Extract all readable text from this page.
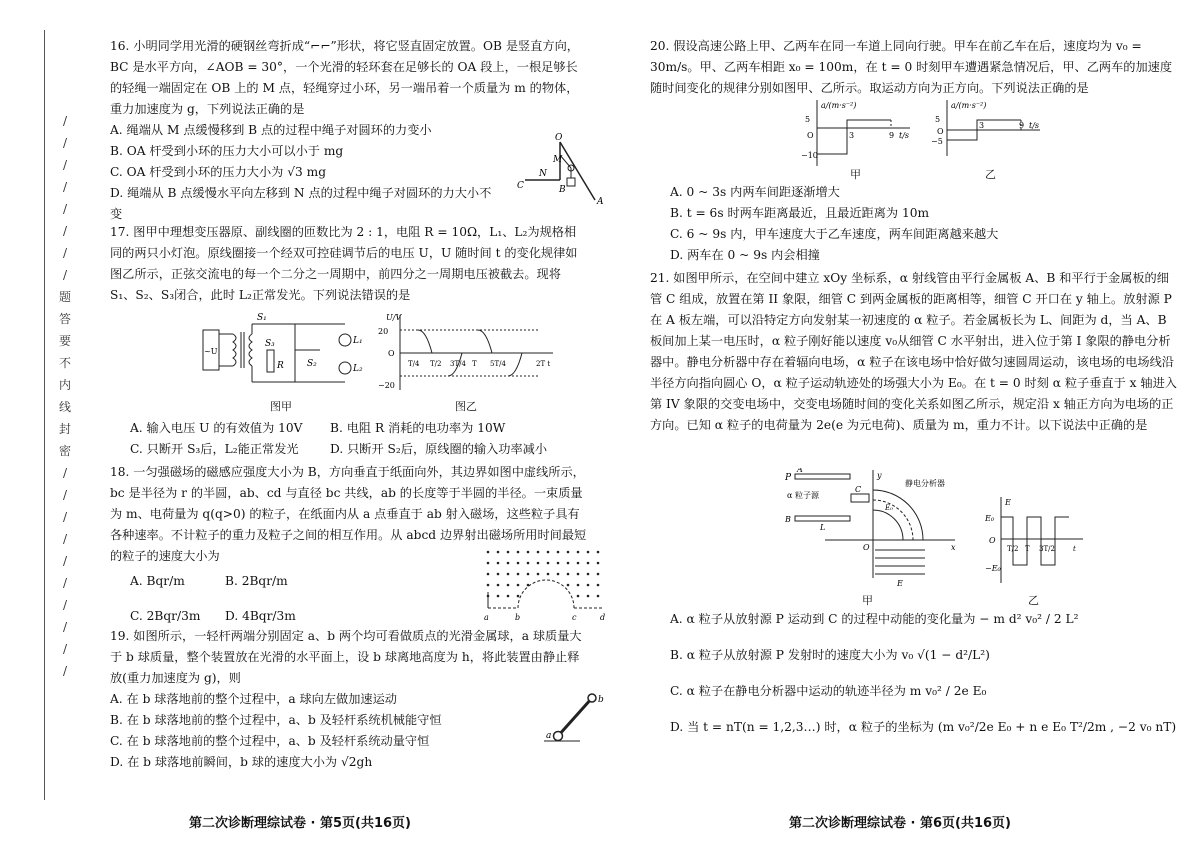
/
/
/
/
/
/
/
/
题
答
要
不
内
线
封
密
/
/
/
/
/
/
/
/
/
/

16. 小明同学用光滑的硬钢丝弯折成“⌐⌐”形状，将它竖直固定放置。OB 是竖直方向，BC 是水平方向，∠AOB = 30°，一个光滑的轻环套在足够长的 OA 段上，一根足够长的轻绳一端固定在 OB 上的 M 点，轻绳穿过小环，另一端吊着一个质量为 m 的物体，重力加速度为 g，下列说法正确的是

A. 绳端从 M 点缓慢移到 B 点的过程中绳子对圆环的力变小
B. OA 杆受到小环的压力大小可以小于 mg
C. OA 杆受到小环的压力大小为 √3 mg
D. 绳端从 B 点缓慢水平向左移到 N 点的过程中绳子对圆环的力大小不变
O
C
N
M
B
A

17. 图甲中理想变压器原、副线圈的匝数比为 2 : 1，电阻 R = 10Ω，L₁、L₂为规格相同的两只小灯泡。原线圈接一个经双可控硅调节后的电压 U，U 随时间 t 的变化规律如图乙所示，正弦交流电的每一个二分之一周期中，前四分之一周期电压被截去。现将 S₁、S₂、S₃闭合，此时 L₂正常发光。下列说法错误的是

~U
S₃
R
S₁
S₂
L₁
L₂
U/V
20
O
−20
T/4 T/2 3T/4 T 5T/4	2T t
图甲	图乙
A. 输入电压 U 的有效值为 10V B. 电阻 R 消耗的电功率为 10W
C. 只断开 S₃后，L₂能正常发光	D. 只断开 S₂后，原线圈的输入功率减小

18. 一匀强磁场的磁感应强度大小为 B，方向垂直于纸面向外，其边界如图中虚线所示，bc 是半径为 r 的半圆，ab、cd 与直径 bc 共线，ab 的长度等于半圆的半径。一束质量为 m、电荷量为 q(q>0) 的粒子，在纸面内从 a 点垂直于 ab 射入磁场，这些粒子具有各种速率。不计粒子的重力及粒子之间的相互作用。从 abcd 边界射出磁场所用时间最短的粒子的速度大小为

A. Bqr/m	B. 2Bqr/m
C. 2Bqr/3m D. 4Bqr/3m	a	b	c	d

19. 如图所示，一轻杆两端分别固定 a、b 两个均可看做质点的光滑金属球，a 球质量大于 b 球质量，整个装置放在光滑的水平面上，设 b 球离地高度为 h，将此装置由静止释放(重力加速度为 g)，则

A. 在 b 球落地前的整个过程中，a 球向左做加速运动
B. 在 b 球落地前的整个过程中，a、b 及轻杆系统机械能守恒
C. 在 b 球落地前的整个过程中，a、b 及轻杆系统动量守恒
D. 在 b 球落地前瞬间，b 球的速度大小为 √2gh
b
a
第二次诊断理综试卷 · 第5页(共16页)

20. 假设高速公路上甲、乙两车在同一车道上同向行驶。甲车在前乙车在后，速度均为 v₀ = 30m/s。甲、乙两车相距 x₀ = 100m，在 t = 0 时刻甲车遭遇紧急情况后，甲、乙两车的加速度随时间变化的规律分别如图甲、乙所示。取运动方向为正方向。下列说法正确的是

a/(m·s⁻²)
5
−10
O	3	9 t/s
a/(m·s⁻²)
5
−5
O
3	9 t/s
甲	乙
A. 0 ~ 3s 内两车间距逐渐增大
B. t = 6s 时两车距离最近，且最近距离为 10m
C. 6 ~ 9s 内，甲车速度大于乙车速度，两车间距离越来越大
D. 两车在 0 ~ 9s 内会相撞

21. 如图甲所示，在空间中建立 xOy 坐标系，α 射线管由平行金属板 A、B 和平行于金属板的细管 C 组成，放置在第 II 象限，细管 C 到两金属板的距离相等，细管 C 开口在 y 轴上。放射源 P 在 A 板左端，可以沿特定方向发射某一初速度的 α 粒子。若金属板长为 L、间距为 d，当 A、B 板间加上某一电压时，α 粒子刚好能以速度 v₀从细管 C 水平射出，进入位于第 I 象限的静电分析器中。静电分析器中存在着辐向电场，α 粒子在该电场中恰好做匀速圆周运动，该电场的电场线沿半径方向指向圆心 O，α 粒子运动轨迹处的场强大小为 E₀。在 t = 0 时刻 α 粒子垂直于 x 轴进入第 IV 象限的交变电场中，交变电场随时间的变化关系如图乙所示，规定沿 x 轴正方向为电场的正方向。已知 α 粒子的电荷量为 2e(e 为元电荷)、质量为 m，重力不计。以下说法中正确的是

P
A
α 粒子源
B
L
C
y
x
O
静电分析器
E₀
E
E
E₀
O
−E₀
T/2 T 3T/2	t
甲	乙
A. α 粒子从放射源 P 运动到 C 的过程中动能的变化量为 − m d² v₀² / 2 L²
B. α 粒子从放射源 P 发射时的速度大小为 v₀ √(1 − d²/L²)
C. α 粒子在静电分析器中运动的轨迹半径为 m v₀² / 2e E₀
D. 当 t = nT(n = 1,2,3…) 时，α 粒子的坐标为 (m v₀²/2e E₀ + n e E₀ T²/2m , −2 v₀ nT)
第二次诊断理综试卷 · 第6页(共16页)
